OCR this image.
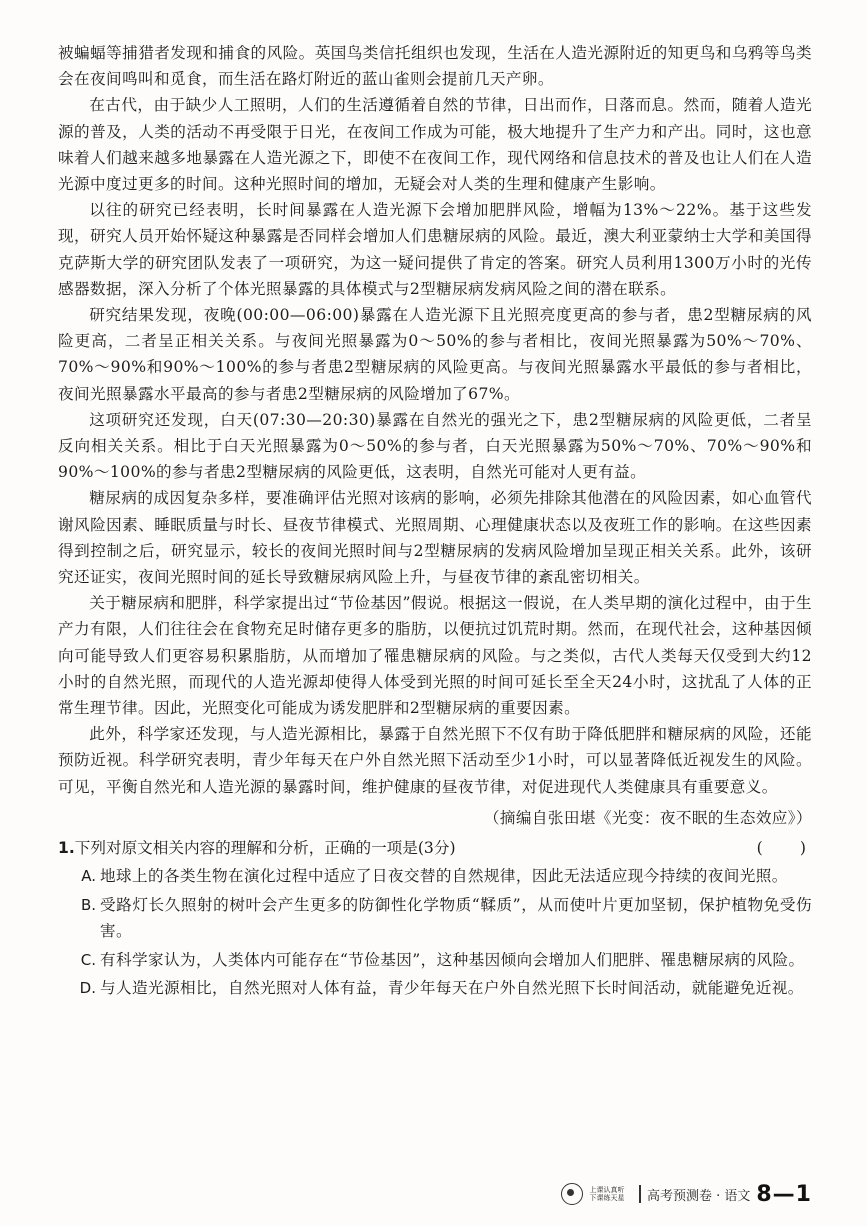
被蝙蝠等捕猎者发现和捕食的风险。英国鸟类信托组织也发现，生活在人造光源附近的知更鸟和乌鸦等鸟类会在夜间鸣叫和觅食，而生活在路灯附近的蓝山雀则会提前几天产卵。

在古代，由于缺少人工照明，人们的生活遵循着自然的节律，日出而作，日落而息。然而，随着人造光源的普及，人类的活动不再受限于日光，在夜间工作成为可能，极大地提升了生产力和产出。同时，这也意味着人们越来越多地暴露在人造光源之下，即使不在夜间工作，现代网络和信息技术的普及也让人们在人造光源中度过更多的时间。这种光照时间的增加，无疑会对人类的生理和健康产生影响。

以往的研究已经表明，长时间暴露在人造光源下会增加肥胖风险，增幅为13%～22%。基于这些发现，研究人员开始怀疑这种暴露是否同样会增加人们患糖尿病的风险。最近，澳大利亚蒙纳士大学和美国得克萨斯大学的研究团队发表了一项研究，为这一疑问提供了肯定的答案。研究人员利用1300万小时的光传感器数据，深入分析了个体光照暴露的具体模式与2型糖尿病发病风险之间的潜在联系。

研究结果发现，夜晚(00:00—06:00)暴露在人造光源下且光照亮度更高的参与者，患2型糖尿病的风险更高，二者呈正相关关系。与夜间光照暴露为0～50%的参与者相比，夜间光照暴露为50%～70%、70%～90%和90%～100%的参与者患2型糖尿病的风险更高。与夜间光照暴露水平最低的参与者相比，夜间光照暴露水平最高的参与者患2型糖尿病的风险增加了67%。

这项研究还发现，白天(07:30—20:30)暴露在自然光的强光之下，患2型糖尿病的风险更低，二者呈反向相关关系。相比于白天光照暴露为0～50%的参与者，白天光照暴露为50%～70%、70%～90%和90%～100%的参与者患2型糖尿病的风险更低，这表明，自然光可能对人更有益。

糖尿病的成因复杂多样，要准确评估光照对该病的影响，必须先排除其他潜在的风险因素，如心血管代谢风险因素、睡眠质量与时长、昼夜节律模式、光照周期、心理健康状态以及夜班工作的影响。在这些因素得到控制之后，研究显示，较长的夜间光照时间与2型糖尿病的发病风险增加呈现正相关关系。此外，该研究还证实，夜间光照时间的延长导致糖尿病风险上升，与昼夜节律的紊乱密切相关。

关于糖尿病和肥胖，科学家提出过“节俭基因”假说。根据这一假说，在人类早期的演化过程中，由于生产力有限，人们往往会在食物充足时储存更多的脂肪，以便抗过饥荒时期。然而，在现代社会，这种基因倾向可能导致人们更容易积累脂肪，从而增加了罹患糖尿病的风险。与之类似，古代人类每天仅受到大约12小时的自然光照，而现代的人造光源却使得人体受到光照的时间可延长至全天24小时，这扰乱了人体的正常生理节律。因此，光照变化可能成为诱发肥胖和2型糖尿病的重要因素。

此外，科学家还发现，与人造光源相比，暴露于自然光照下不仅有助于降低肥胖和糖尿病的风险，还能预防近视。科学研究表明，青少年每天在户外自然光照下活动至少1小时，可以显著降低近视发生的风险。可见，平衡自然光和人造光源的暴露时间，维护健康的昼夜节律，对促进现代人类健康具有重要意义。

（摘编自张田堪《光变：夜不眠的生态效应》）

1.下列对原文相关内容的理解和分析，正确的一项是(3分)	(　　)
A. 地球上的各类生物在演化过程中适应了日夜交替的自然规律，因此无法适应现今持续的夜间光照。
B. 受路灯长久照射的树叶会产生更多的防御性化学物质“鞣质”，从而使叶片更加坚韧，保护植物免受伤害。
C. 有科学家认为，人类体内可能存在“节俭基因”，这种基因倾向会增加人们肥胖、罹患糖尿病的风险。
D. 与人造光源相比，自然光照对人体有益，青少年每天在户外自然光照下长时间活动，就能避免近视。
上课认真听 下课练天星	高考预测卷 · 语文 8—1
